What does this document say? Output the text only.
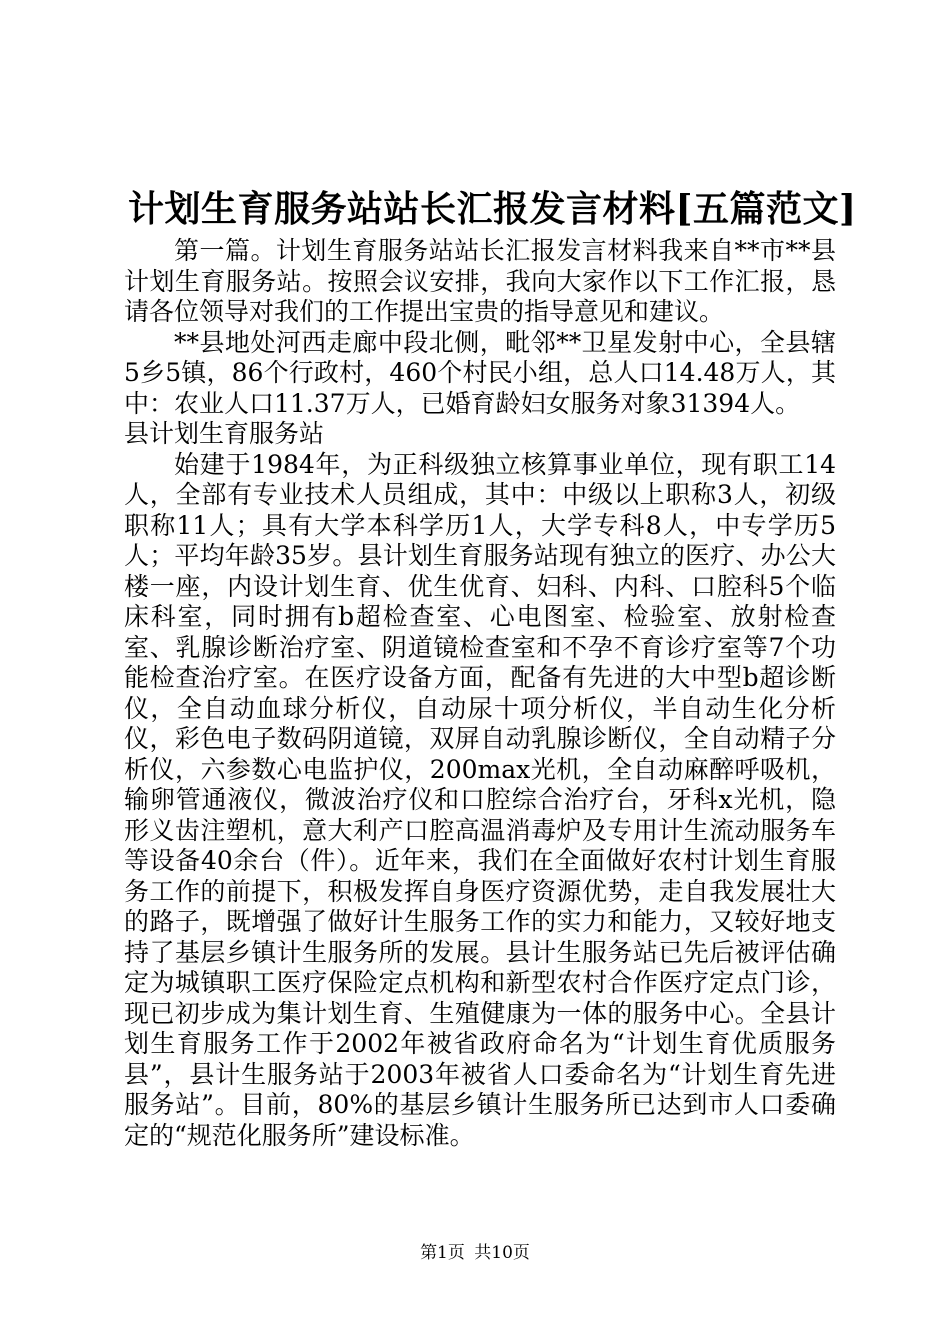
计划生育服务站站长汇报发言材料[五篇范文]

第一篇。计划生育服务站站长汇报发言材料我来自**市**县计划生育服务站。按照会议安排，我向大家作以下工作汇报，恳请各位领导对我们的工作提出宝贵的指导意见和建议。

**县地处河西走廊中段北侧，毗邻**卫星发射中心，全县辖5乡5镇，86个行政村，460个村民小组，总人口14.48万人，其中：农业人口11.37万人，已婚育龄妇女服务对象31394人。

县计划生育服务站

始建于1984年，为正科级独立核算事业单位，现有职工14人，全部有专业技术人员组成，其中：中级以上职称3人，初级职称11人；具有大学本科学历1人，大学专科8人，中专学历5人；平均年龄35岁。县计划生育服务站现有独立的医疗、办公大楼一座，内设计划生育、优生优育、妇科、内科、口腔科5个临床科室，同时拥有b超检查室、心电图室、检验室、放射检查室、乳腺诊断治疗室、阴道镜检查室和不孕不育诊疗室等7个功能检查治疗室。在医疗设备方面，配备有先进的大中型b超诊断仪，全自动血球分析仪，自动尿十项分析仪，半自动生化分析仪，彩色电子数码阴道镜，双屏自动乳腺诊断仪，全自动精子分析仪，六参数心电监护仪，200max光机，全自动麻醉呼吸机，输卵管通液仪，微波治疗仪和口腔综合治疗台，牙科x光机，隐形义齿注塑机，意大利产口腔高温消毒炉及专用计生流动服务车等设备40余台（件）。近年来，我们在全面做好农村计划生育服务工作的前提下，积极发挥自身医疗资源优势，走自我发展壮大的路子，既增强了做好计生服务工作的实力和能力，又较好地支持了基层乡镇计生服务所的发展。县计生服务站已先后被评估确定为城镇职工医疗保险定点机构和新型农村合作医疗定点门诊，现已初步成为集计划生育、生殖健康为一体的服务中心。全县计划生育服务工作于2002年被省政府命名为“计划生育优质服务县”，县计生服务站于2003年被省人口委命名为“计划生育先进服务站”。目前，80%的基层乡镇计生服务所已达到市人口委确定的“规范化服务所”建设标准。

第1页 共10页
